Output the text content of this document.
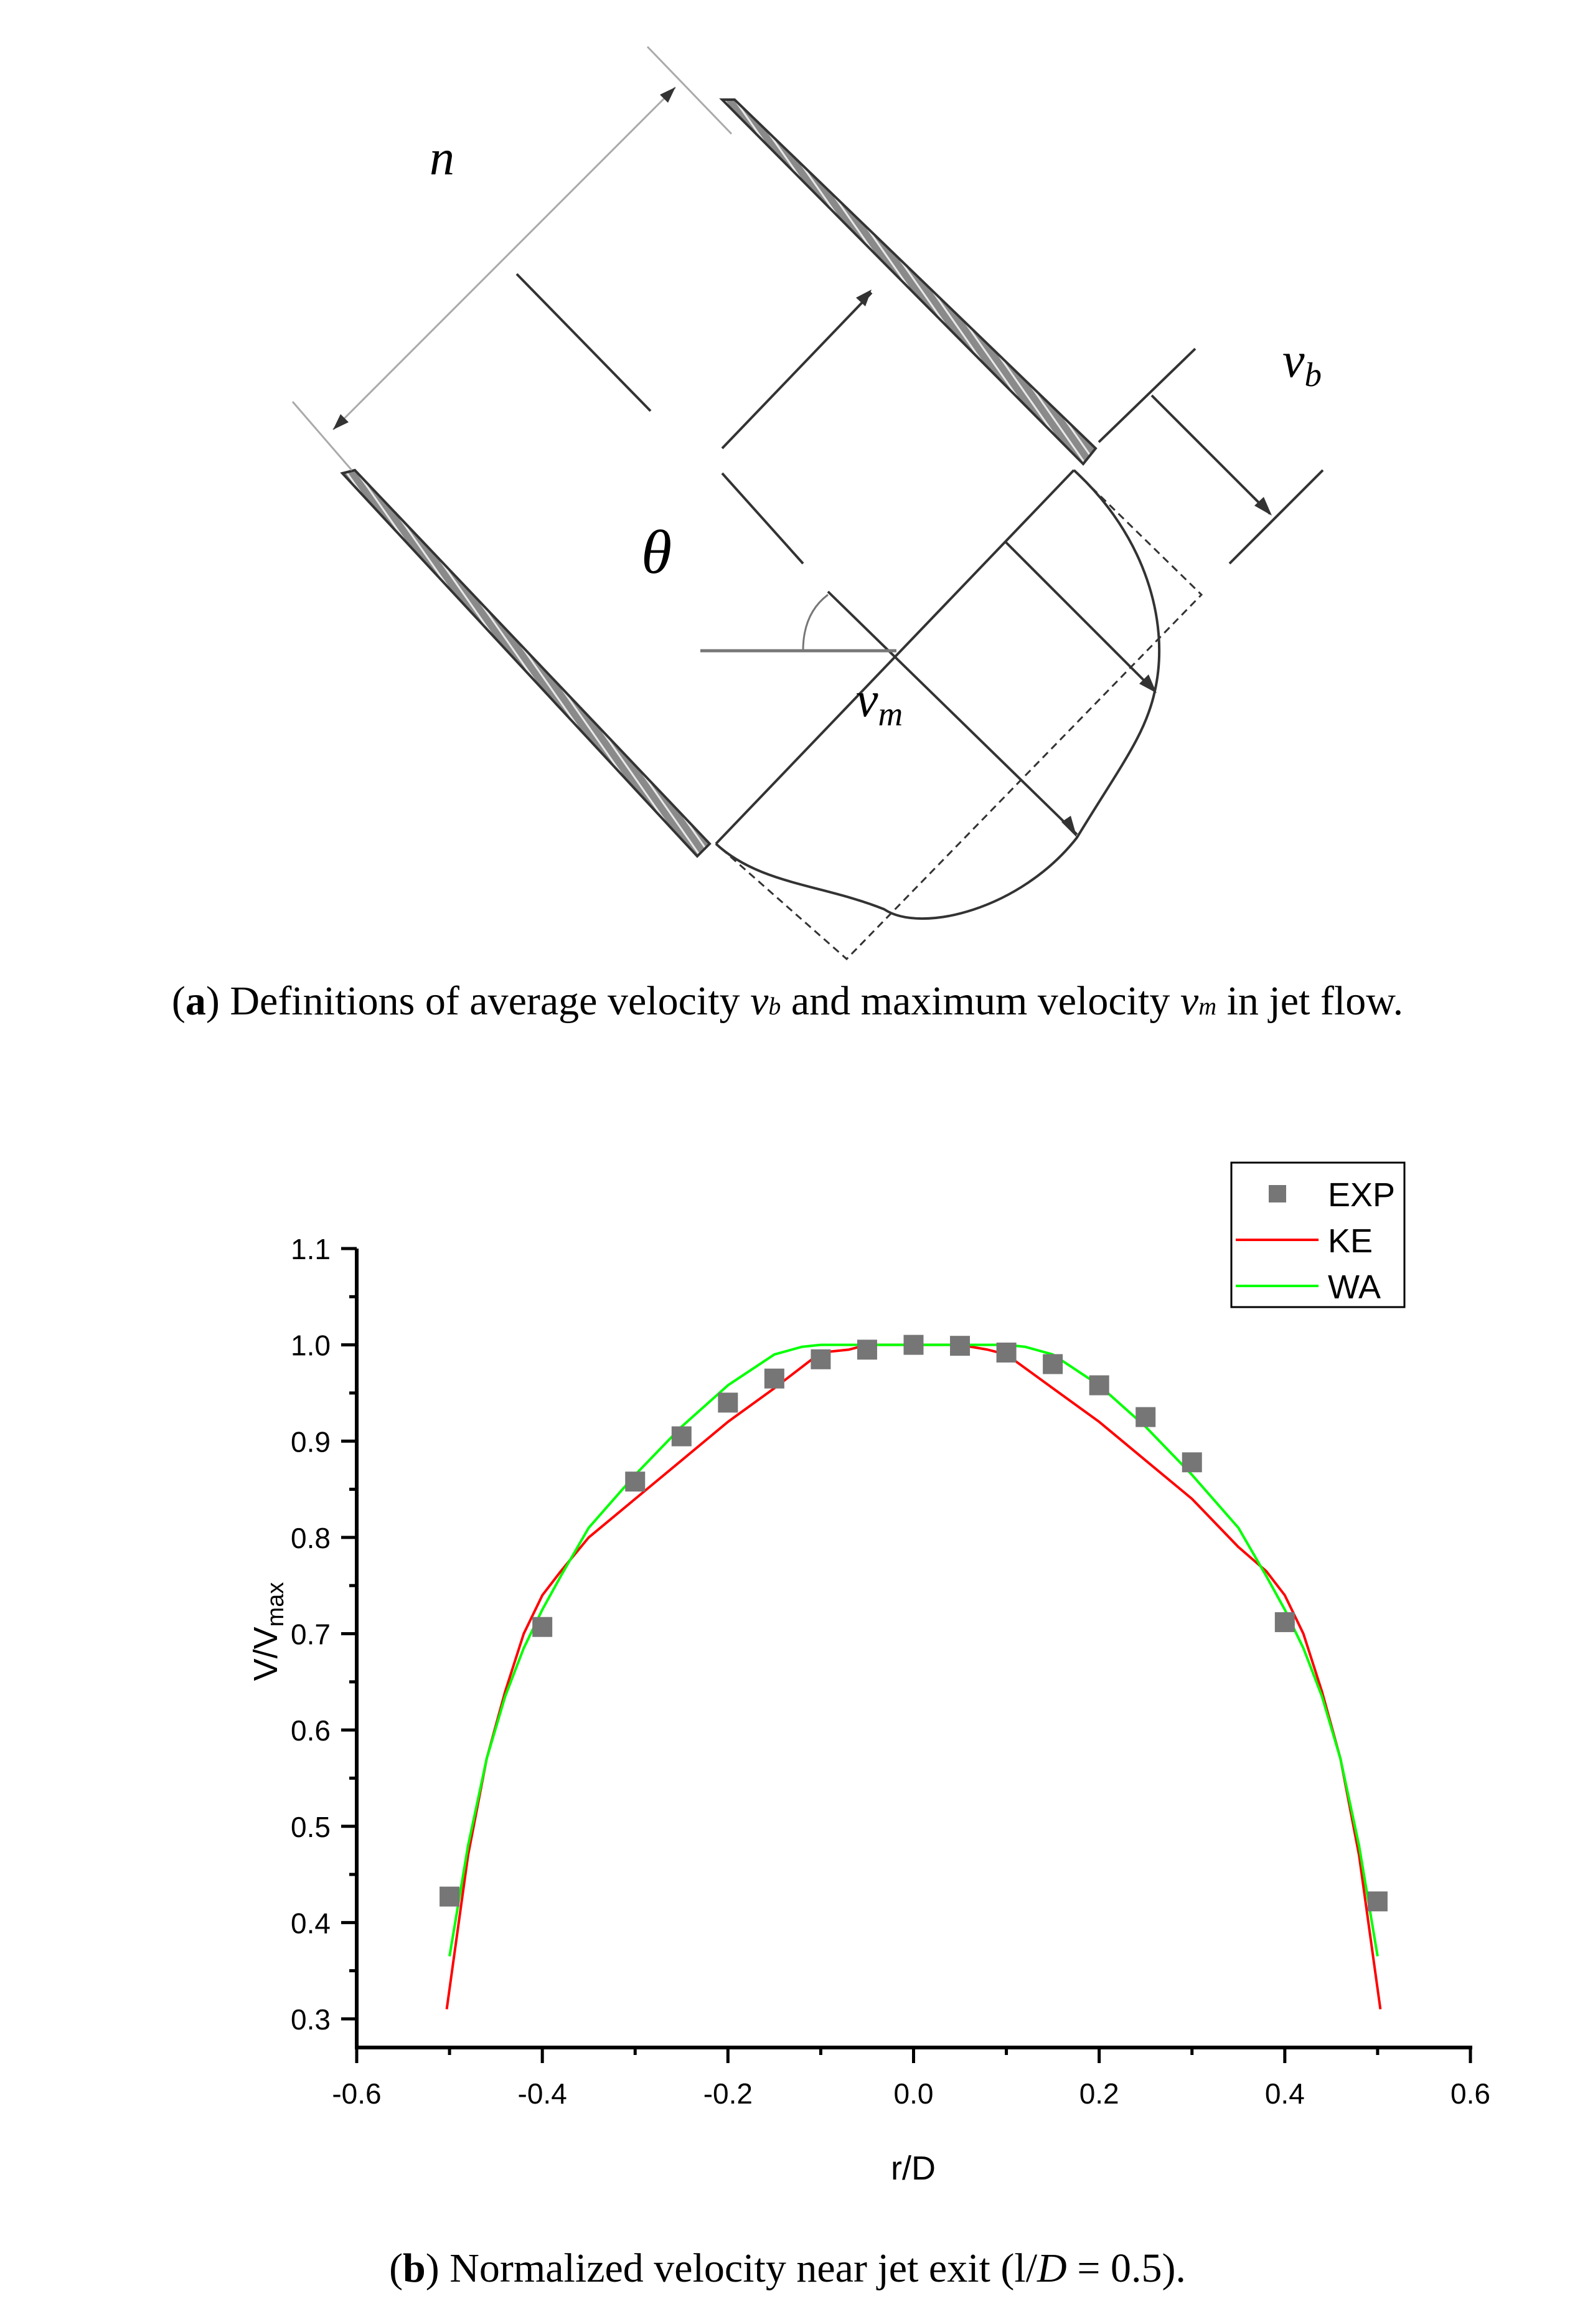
n
θ
vb
vm
(a) Definitions of average velocity vb and maximum velocity vm in jet flow.
0.3
0.4
0.5
0.6
0.7
0.8
0.9
1.0
1.1
-0.6	-0.4	-0.2	0.0	0.2	0.4	0.6
EXP
KE
WA
r/D
V/Vmax
(b) Normalized velocity near jet exit (l/D = 0.5).
